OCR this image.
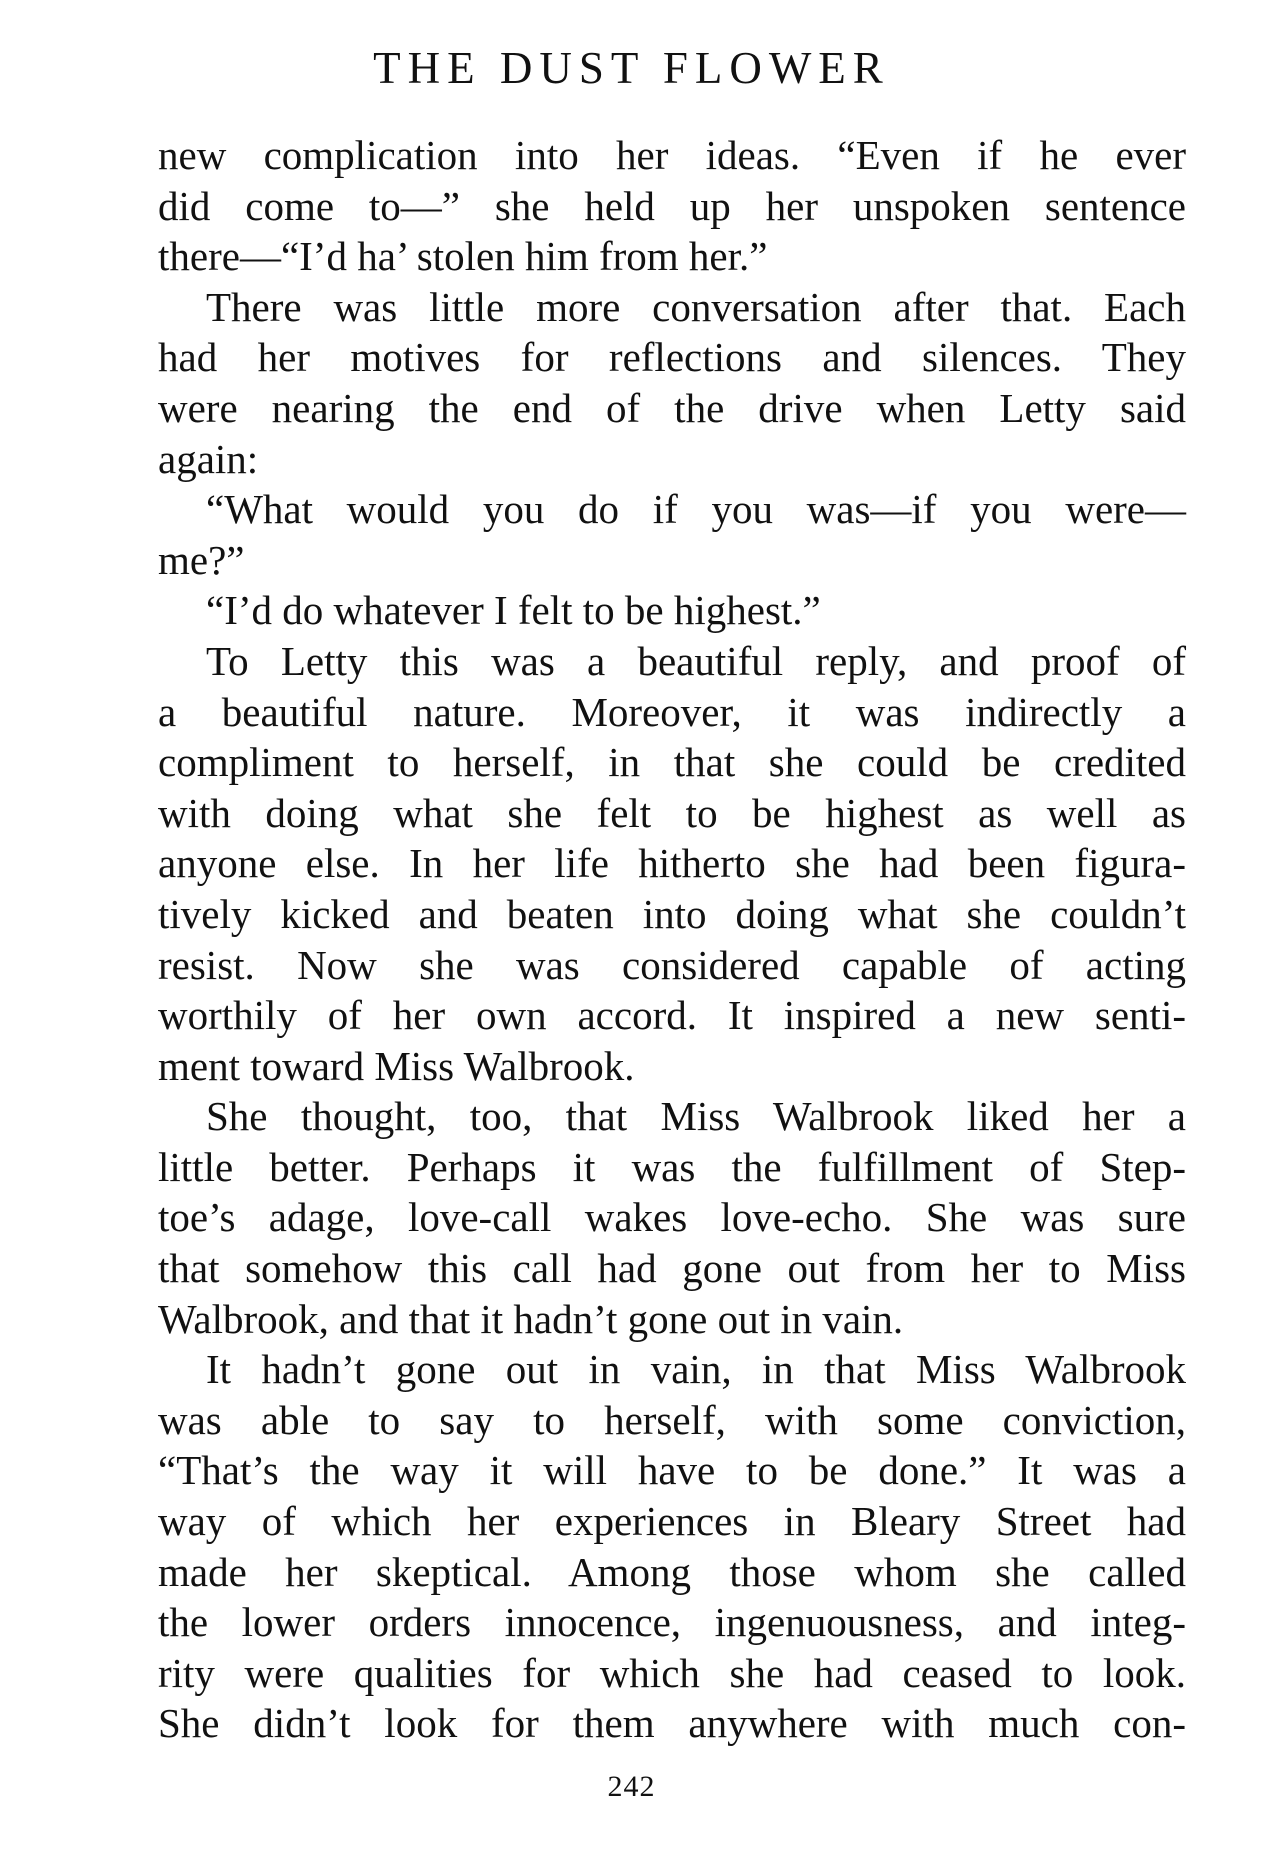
THE DUST FLOWER
new complication into her ideas. “Even if he ever
did come to—” she held up her unspoken sentence
there—“I’d ha’ stolen him from her.”
There was little more conversation after that. Each
had her motives for reflections and silences. They
were nearing the end of the drive when Letty said
again:
“What would you do if you was—if you were—
me?”
“I’d do whatever I felt to be highest.”
To Letty this was a beautiful reply, and proof of
a beautiful nature. Moreover, it was indirectly a
compliment to herself, in that she could be credited
with doing what she felt to be highest as well as
anyone else. In her life hitherto she had been figura-
tively kicked and beaten into doing what she couldn’t
resist. Now she was considered capable of acting
worthily of her own accord. It inspired a new senti-
ment toward Miss Walbrook.
She thought, too, that Miss Walbrook liked her a
little better. Perhaps it was the fulfillment of Step-
toe’s adage, love-call wakes love-echo. She was sure
that somehow this call had gone out from her to Miss
Walbrook, and that it hadn’t gone out in vain.
It hadn’t gone out in vain, in that Miss Walbrook
was able to say to herself, with some conviction,
“That’s the way it will have to be done.” It was a
way of which her experiences in Bleary Street had
made her skeptical. Among those whom she called
the lower orders innocence, ingenuousness, and integ-
rity were qualities for which she had ceased to look.
She didn’t look for them anywhere with much con-
242
